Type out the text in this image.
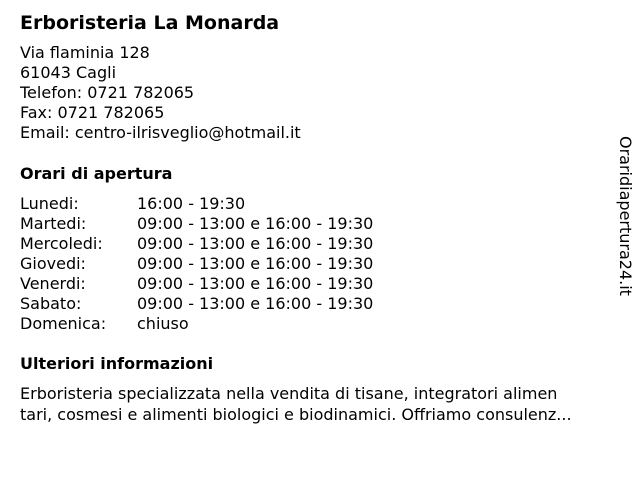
Erboristeria La Monarda
Via flaminia 128
61043 Cagli
Telefon: 0721 782065
Fax: 0721 782065
Email: centro-ilrisveglio@hotmail.it
Orari di apertura
Lunedi:	16:00 - 19:30
Martedi:	09:00 - 13:00 e 16:00 - 19:30
Mercoledi: 09:00 - 13:00 e 16:00 - 19:30
Giovedi:	09:00 - 13:00 e 16:00 - 19:30
Venerdi:	09:00 - 13:00 e 16:00 - 19:30
Sabato:	09:00 - 13:00 e 16:00 - 19:30
Domenica: chiuso
Ulteriori informazioni
Erboristeria specializzata nella vendita di tisane, integratori alimen
tari, cosmesi e alimenti biologici e biodinamici. Offriamo consulenz...
Oraridiapertura24.it
